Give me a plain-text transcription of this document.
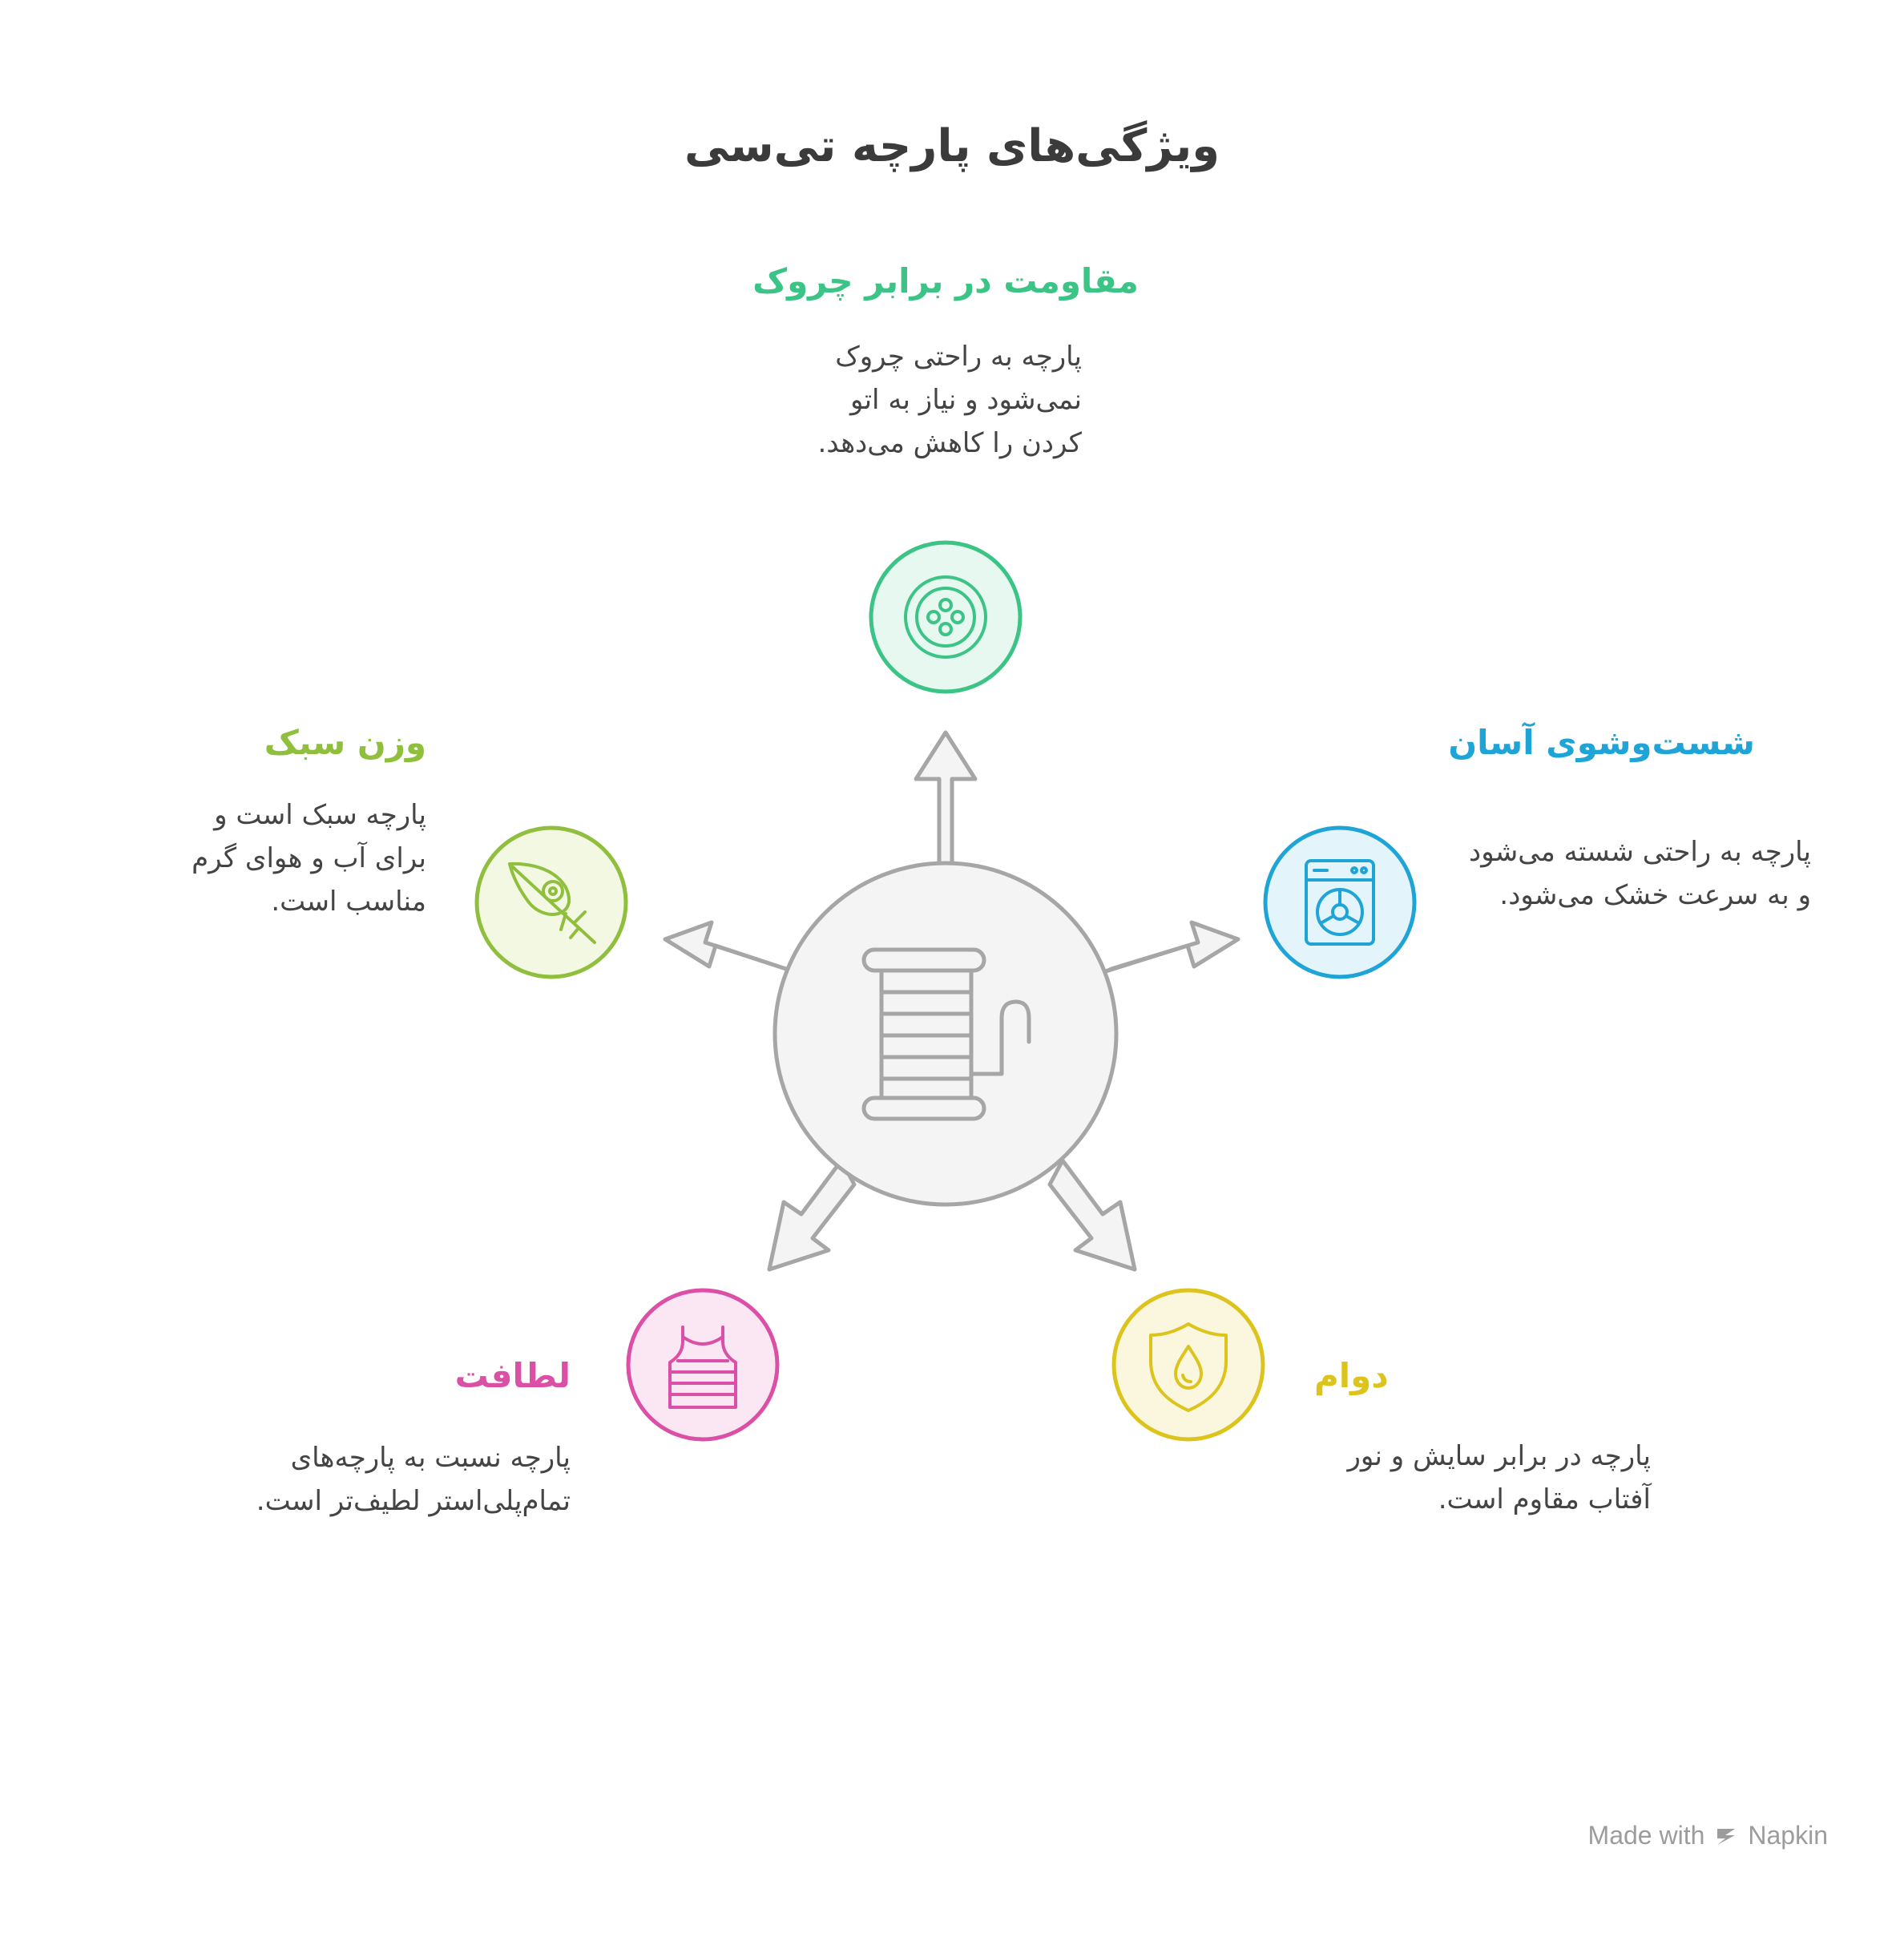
ویژگی‌های پارچه تی‌سی
مقاومت در برابر چروک
پارچه به راحتی چروک
نمی‌شود و نیاز به اتو
کردن را کاهش می‌دهد.
شست‌وشوی آسان
پارچه به راحتی شسته می‌شود
و به سرعت خشک می‌شود.
دوام
پارچه در برابر سایش و نور
آفتاب مقاوم است.
لطافت
پارچه نسبت به پارچه‌های
تمام‌پلی‌استر لطیف‌تر است.
وزن سبک
پارچه سبک است و
برای آب و هوای گرم
مناسب است.
Made with Napkin
